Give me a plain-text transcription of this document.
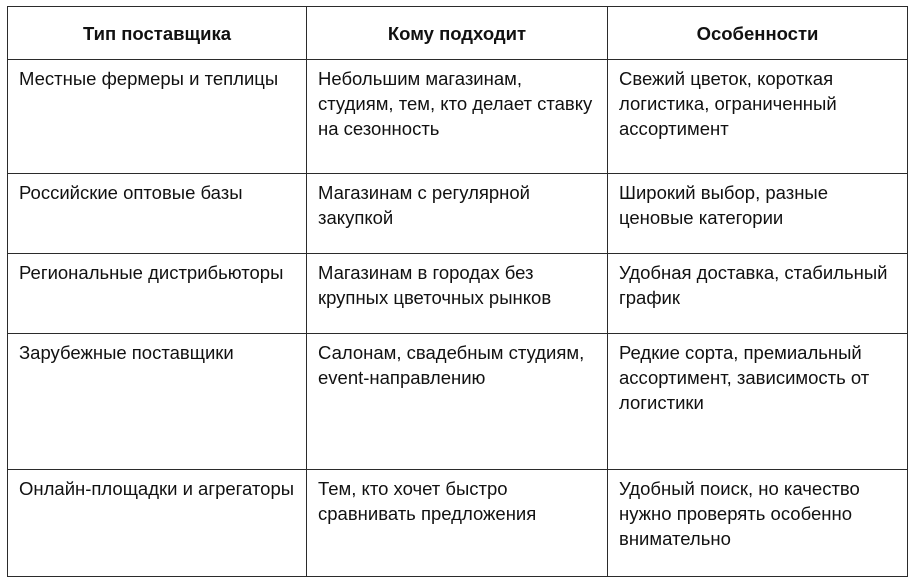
Тип поставщика	Кому подходит	Особенности
Местные фермеры и теплицы	Небольшим магазинам, студиям, тем, кто делает ставку на сезонность	Свежий цветок, короткая логистика, ограниченный ассортимент
Российские оптовые базы	Магазинам с регулярной закупкой	Широкий выбор, разные ценовые категории
Региональные дистрибьюторы	Магазинам в городах без крупных цветочных рынков	Удобная доставка, стабильный график
Зарубежные поставщики	Салонам, свадебным студиям, event-направлению	Редкие сорта, премиальный ассортимент, зависимость от логистики
Онлайн-площадки и агрегаторы	Тем, кто хочет быстро сравнивать предложения	Удобный поиск, но качество нужно проверять особенно внимательно
